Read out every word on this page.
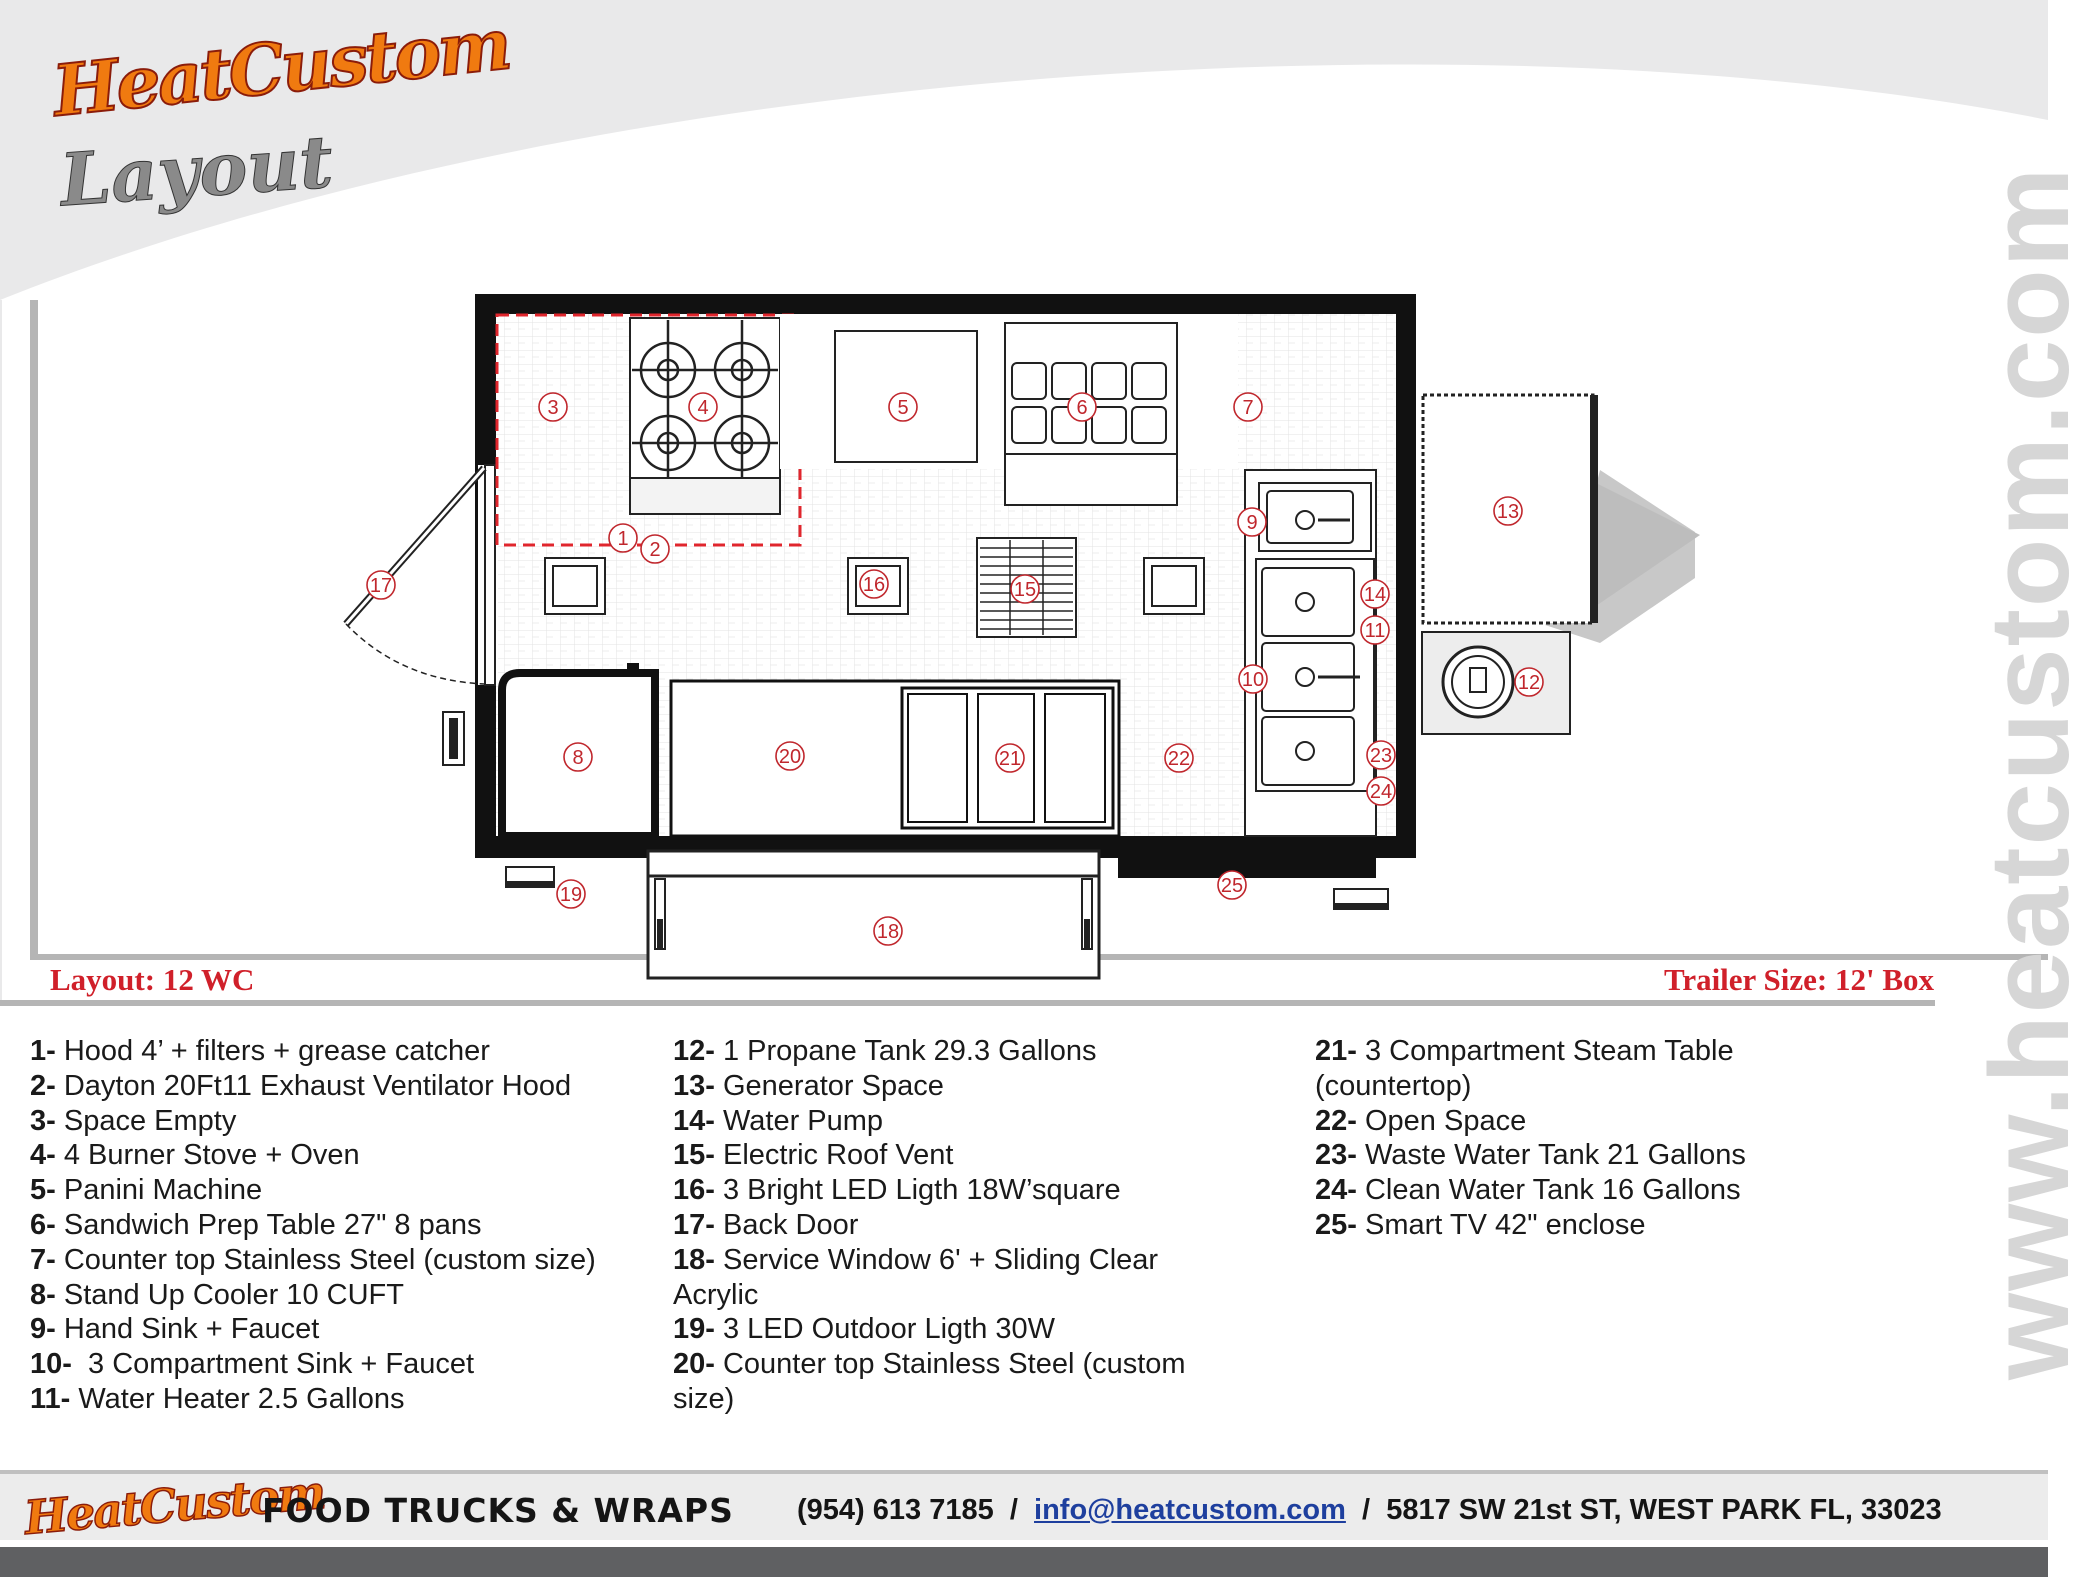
1 2
3	4	5	6	7
8
9
10
11
12
13
14
15
16
17
18
19
20	21	22	23
24
25
HeatCustom
Layout	www.heatcustom.com
Layout: 12 WC	Trailer Size: 12' Box
1- Hood 4’ + filters + grease catcher
2- Dayton 20Ft11 Exhaust Ventilator Hood
3- Space Empty
4- 4 Burner Stove + Oven
5- Panini Machine
6- Sandwich Prep Table 27" 8 pans
7- Counter top Stainless Steel (custom size)
8- Stand Up Cooler 10 CUFT
9- Hand Sink + Faucet
10-  3 Compartment Sink + Faucet
11- Water Heater 2.5 Gallons
12- 1 Propane Tank 29.3 Gallons
13- Generator Space
14- Water Pump
15- Electric Roof Vent
16- 3 Bright LED Ligth 18W’square
17- Back Door
18- Service Window 6' + Sliding Clear Acrylic
19- 3 LED Outdoor Ligth 30W
20- Counter top Stainless Steel (custom size)
21- 3 Compartment Steam Table (countertop)
22- Open Space
23- Waste Water Tank 21 Gallons
24- Clean Water Tank 16 Gallons
25- Smart TV 42" enclose
HeatCustom
FOOD TRUCKS & WRAPS (954) 613 7185  /  info@heatcustom.com  /  5817 SW 21st ST, WEST PARK FL, 33023
